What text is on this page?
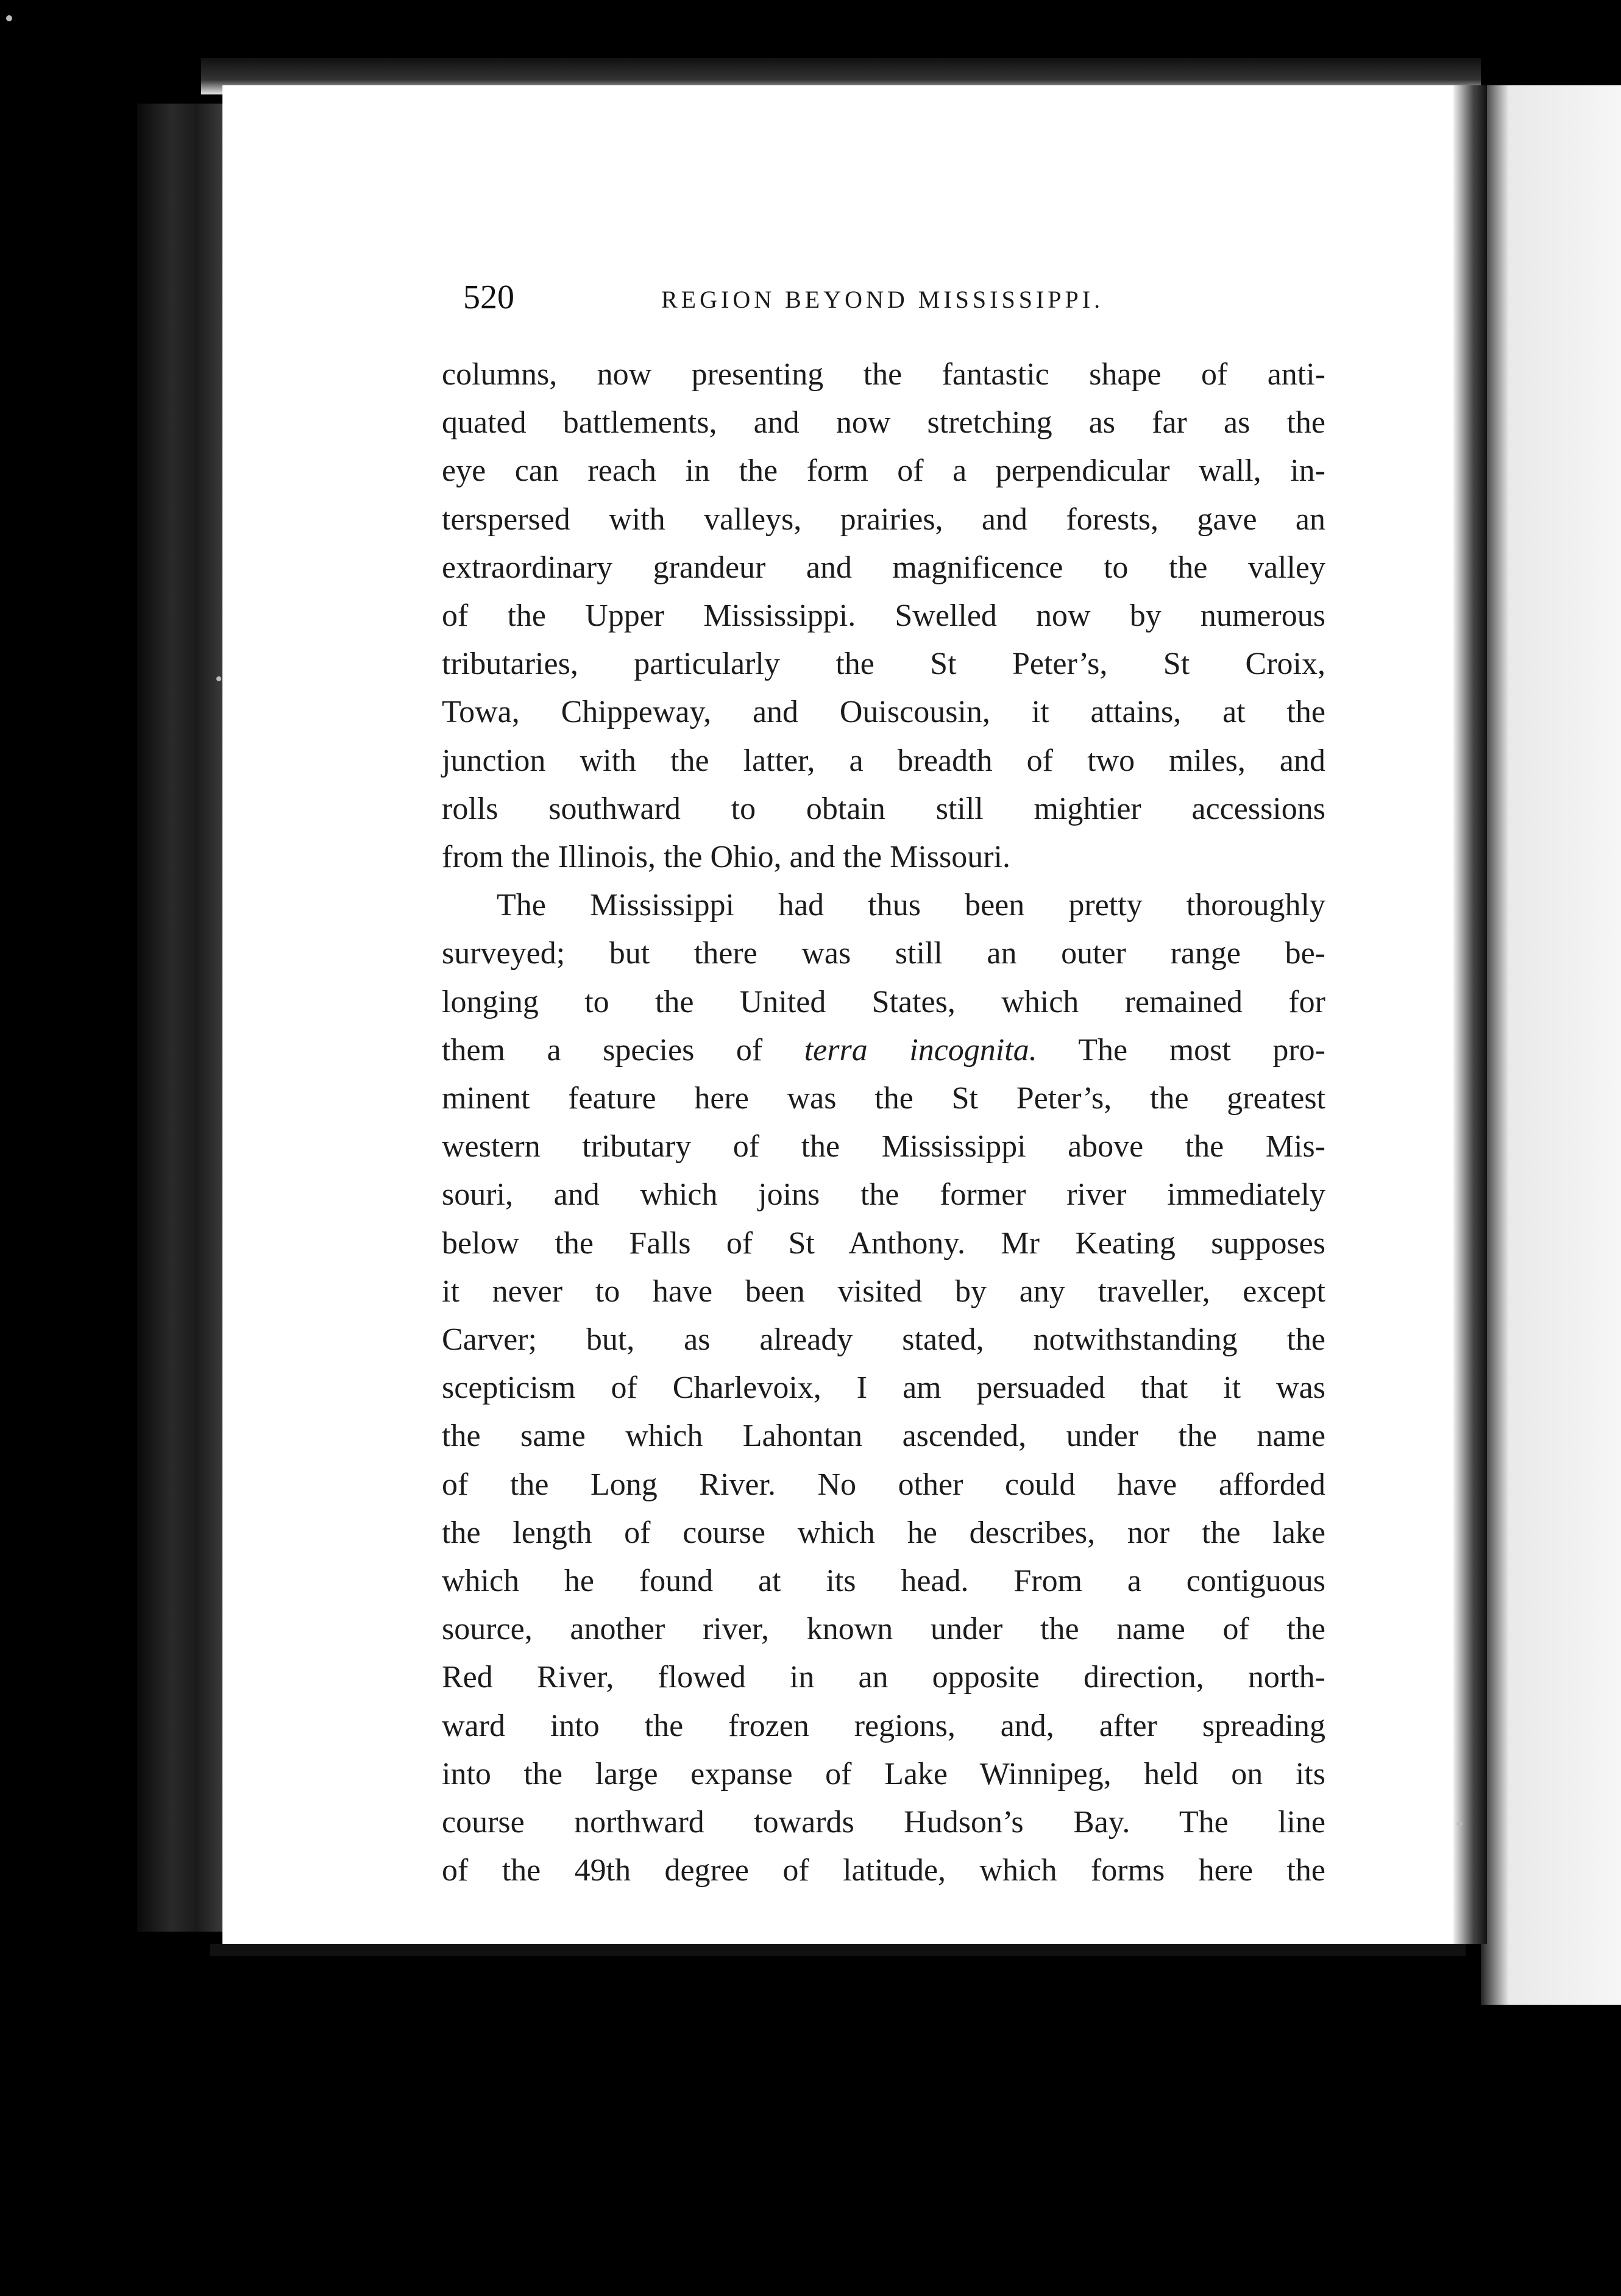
520	REGION BEYOND MISSISSIPPI.
columns, now presenting the fantastic shape of anti-
quated battlements, and now stretching as far as the
eye can reach in the form of a perpendicular wall, in-
terspersed with valleys, prairies, and forests, gave an
extraordinary grandeur and magnificence to the valley
of the Upper Mississippi. Swelled now by numerous
tributaries, particularly the St Peter’s, St Croix,
Towa, Chippeway, and Ouiscousin, it attains, at the
junction with the latter, a breadth of two miles, and
rolls southward to obtain still mightier accessions
from the Illinois, the Ohio, and the Missouri.
The Mississippi had thus been pretty thoroughly
surveyed; but there was still an outer range be-
longing to the United States, which remained for
them a species of terra incognita. The most pro-
minent feature here was the St Peter’s, the greatest
western tributary of the Mississippi above the Mis-
souri, and which joins the former river immediately
below the Falls of St Anthony. Mr Keating supposes
it never to have been visited by any traveller, except
Carver; but, as already stated, notwithstanding the
scepticism of Charlevoix, I am persuaded that it was
the same which Lahontan ascended, under the name
of the Long River. No other could have afforded
the length of course which he describes, nor the lake
which he found at its head. From a contiguous
source, another river, known under the name of the
Red River, flowed in an opposite direction, north-
ward into the frozen regions, and, after spreading
into the large expanse of Lake Winnipeg, held on its
course northward towards Hudson’s Bay. The line
of the 49th degree of latitude, which forms here the
